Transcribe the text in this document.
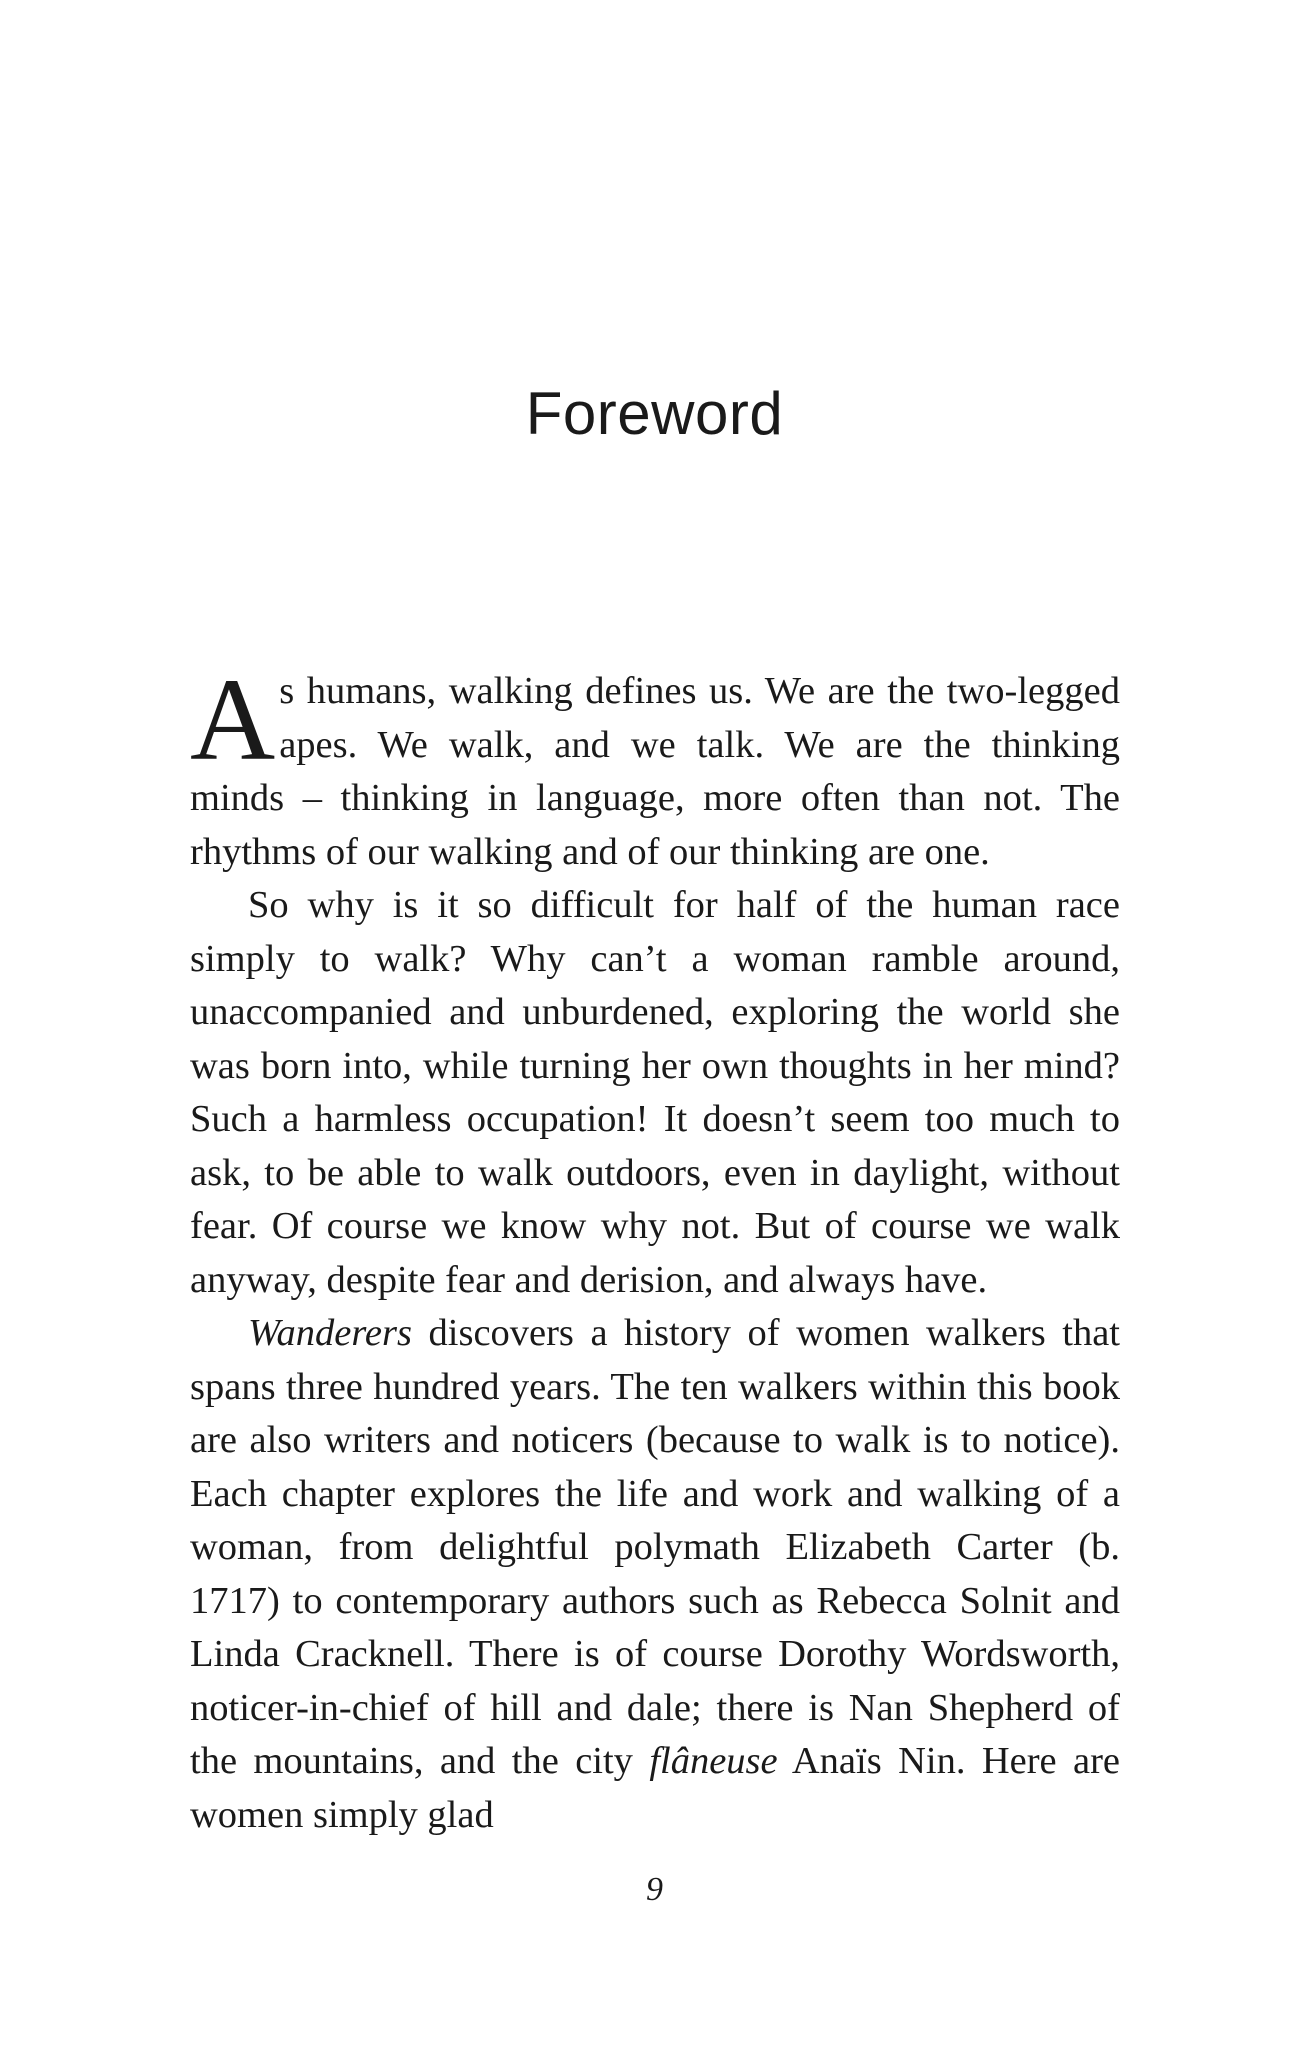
Foreword

As humans, walking defines us. We are the two-legged apes. We walk, and we talk. We are the thinking minds – thinking in language, more often than not. The rhythms of our walking and of our thinking are one.

So why is it so difficult for half of the human race simply to walk? Why can’t a woman ramble around, unaccompanied and unburdened, exploring the world she was born into, while turning her own thoughts in her mind? Such a harmless occupation! It doesn’t seem too much to ask, to be able to walk outdoors, even in daylight, without fear. Of course we know why not. But of course we walk anyway, despite fear and derision, and always have.

Wanderers discovers a history of women walkers that spans three hundred years. The ten walkers within this book are also writers and noticers (because to walk is to notice). Each chapter explores the life and work and walking of a woman, from delightful polymath Elizabeth Carter (b. 1717) to contemporary authors such as Rebecca Solnit and Linda Cracknell. There is of course Dorothy Wordsworth, noticer-in-chief of hill and dale; there is Nan Shepherd of the mountains, and the city flâneuse Anaïs Nin. Here are women simply glad

9
